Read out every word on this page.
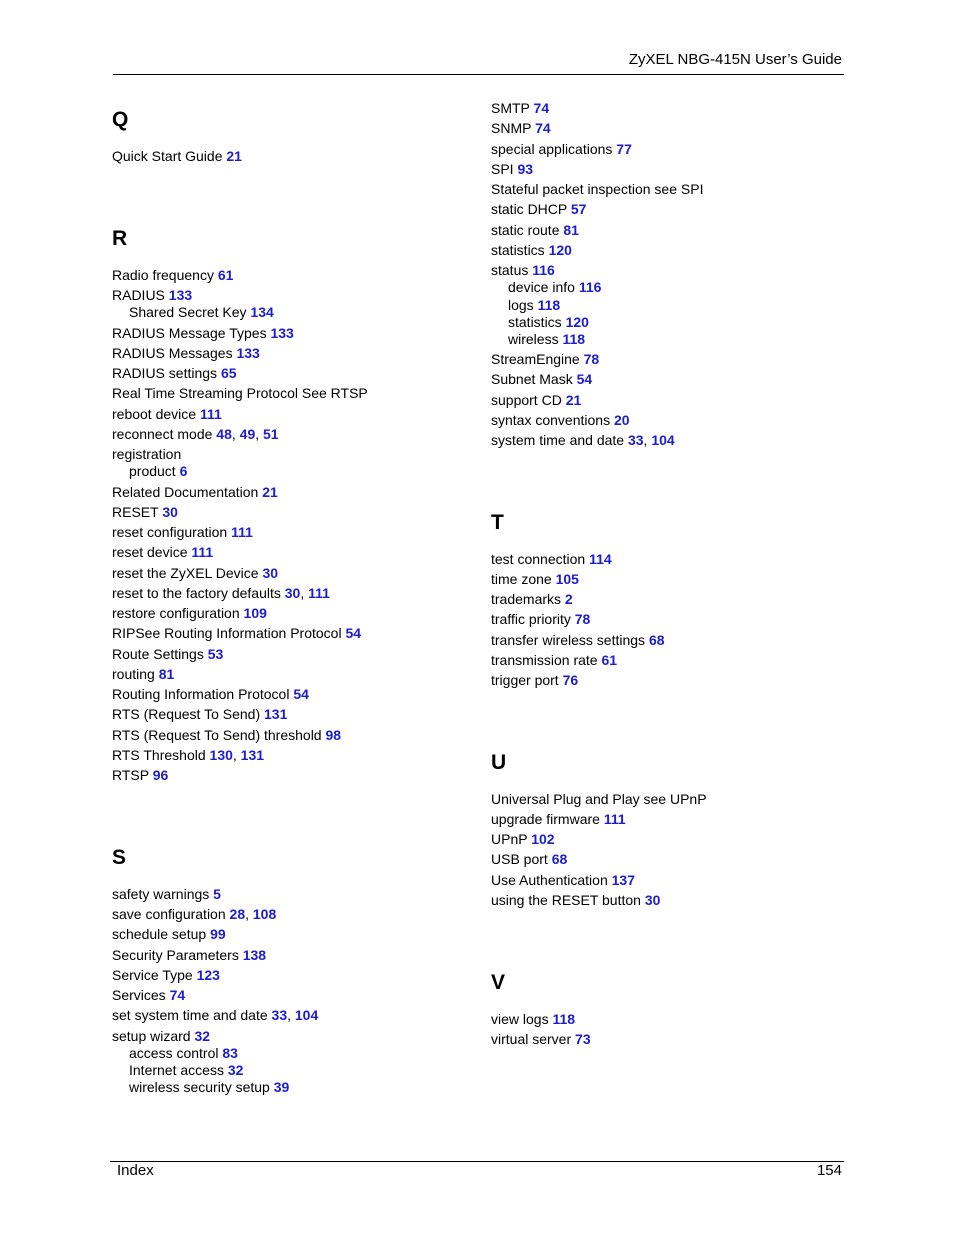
ZyXEL NBG-415N User’s Guide
Q
Quick Start Guide 21
R
Radio frequency 61
RADIUS 133
Shared Secret Key 134
RADIUS Message Types 133
RADIUS Messages 133
RADIUS settings 65
Real Time Streaming Protocol See RTSP
reboot device 111
reconnect mode 48, 49, 51
registration
product 6
Related Documentation 21
RESET 30
reset configuration 111
reset device 111
reset the ZyXEL Device 30
reset to the factory defaults 30, 111
restore configuration 109
RIPSee Routing Information Protocol 54
Route Settings 53
routing 81
Routing Information Protocol 54
RTS (Request To Send) 131
RTS (Request To Send) threshold 98
RTS Threshold 130, 131
RTSP 96
S
safety warnings 5
save configuration 28, 108
schedule setup 99
Security Parameters 138
Service Type 123
Services 74
set system time and date 33, 104
setup wizard 32
access control 83
Internet access 32
wireless security setup 39
SMTP 74
SNMP 74
special applications 77
SPI 93
Stateful packet inspection see SPI
static DHCP 57
static route 81
statistics 120
status 116
device info 116
logs 118
statistics 120
wireless 118
StreamEngine 78
Subnet Mask 54
support CD 21
syntax conventions 20
system time and date 33, 104
T
test connection 114
time zone 105
trademarks 2
traffic priority 78
transfer wireless settings 68
transmission rate 61
trigger port 76
U
Universal Plug and Play see UPnP
upgrade firmware 111
UPnP 102
USB port 68
Use Authentication 137
using the RESET button 30
V
view logs 118
virtual server 73
Index	154
